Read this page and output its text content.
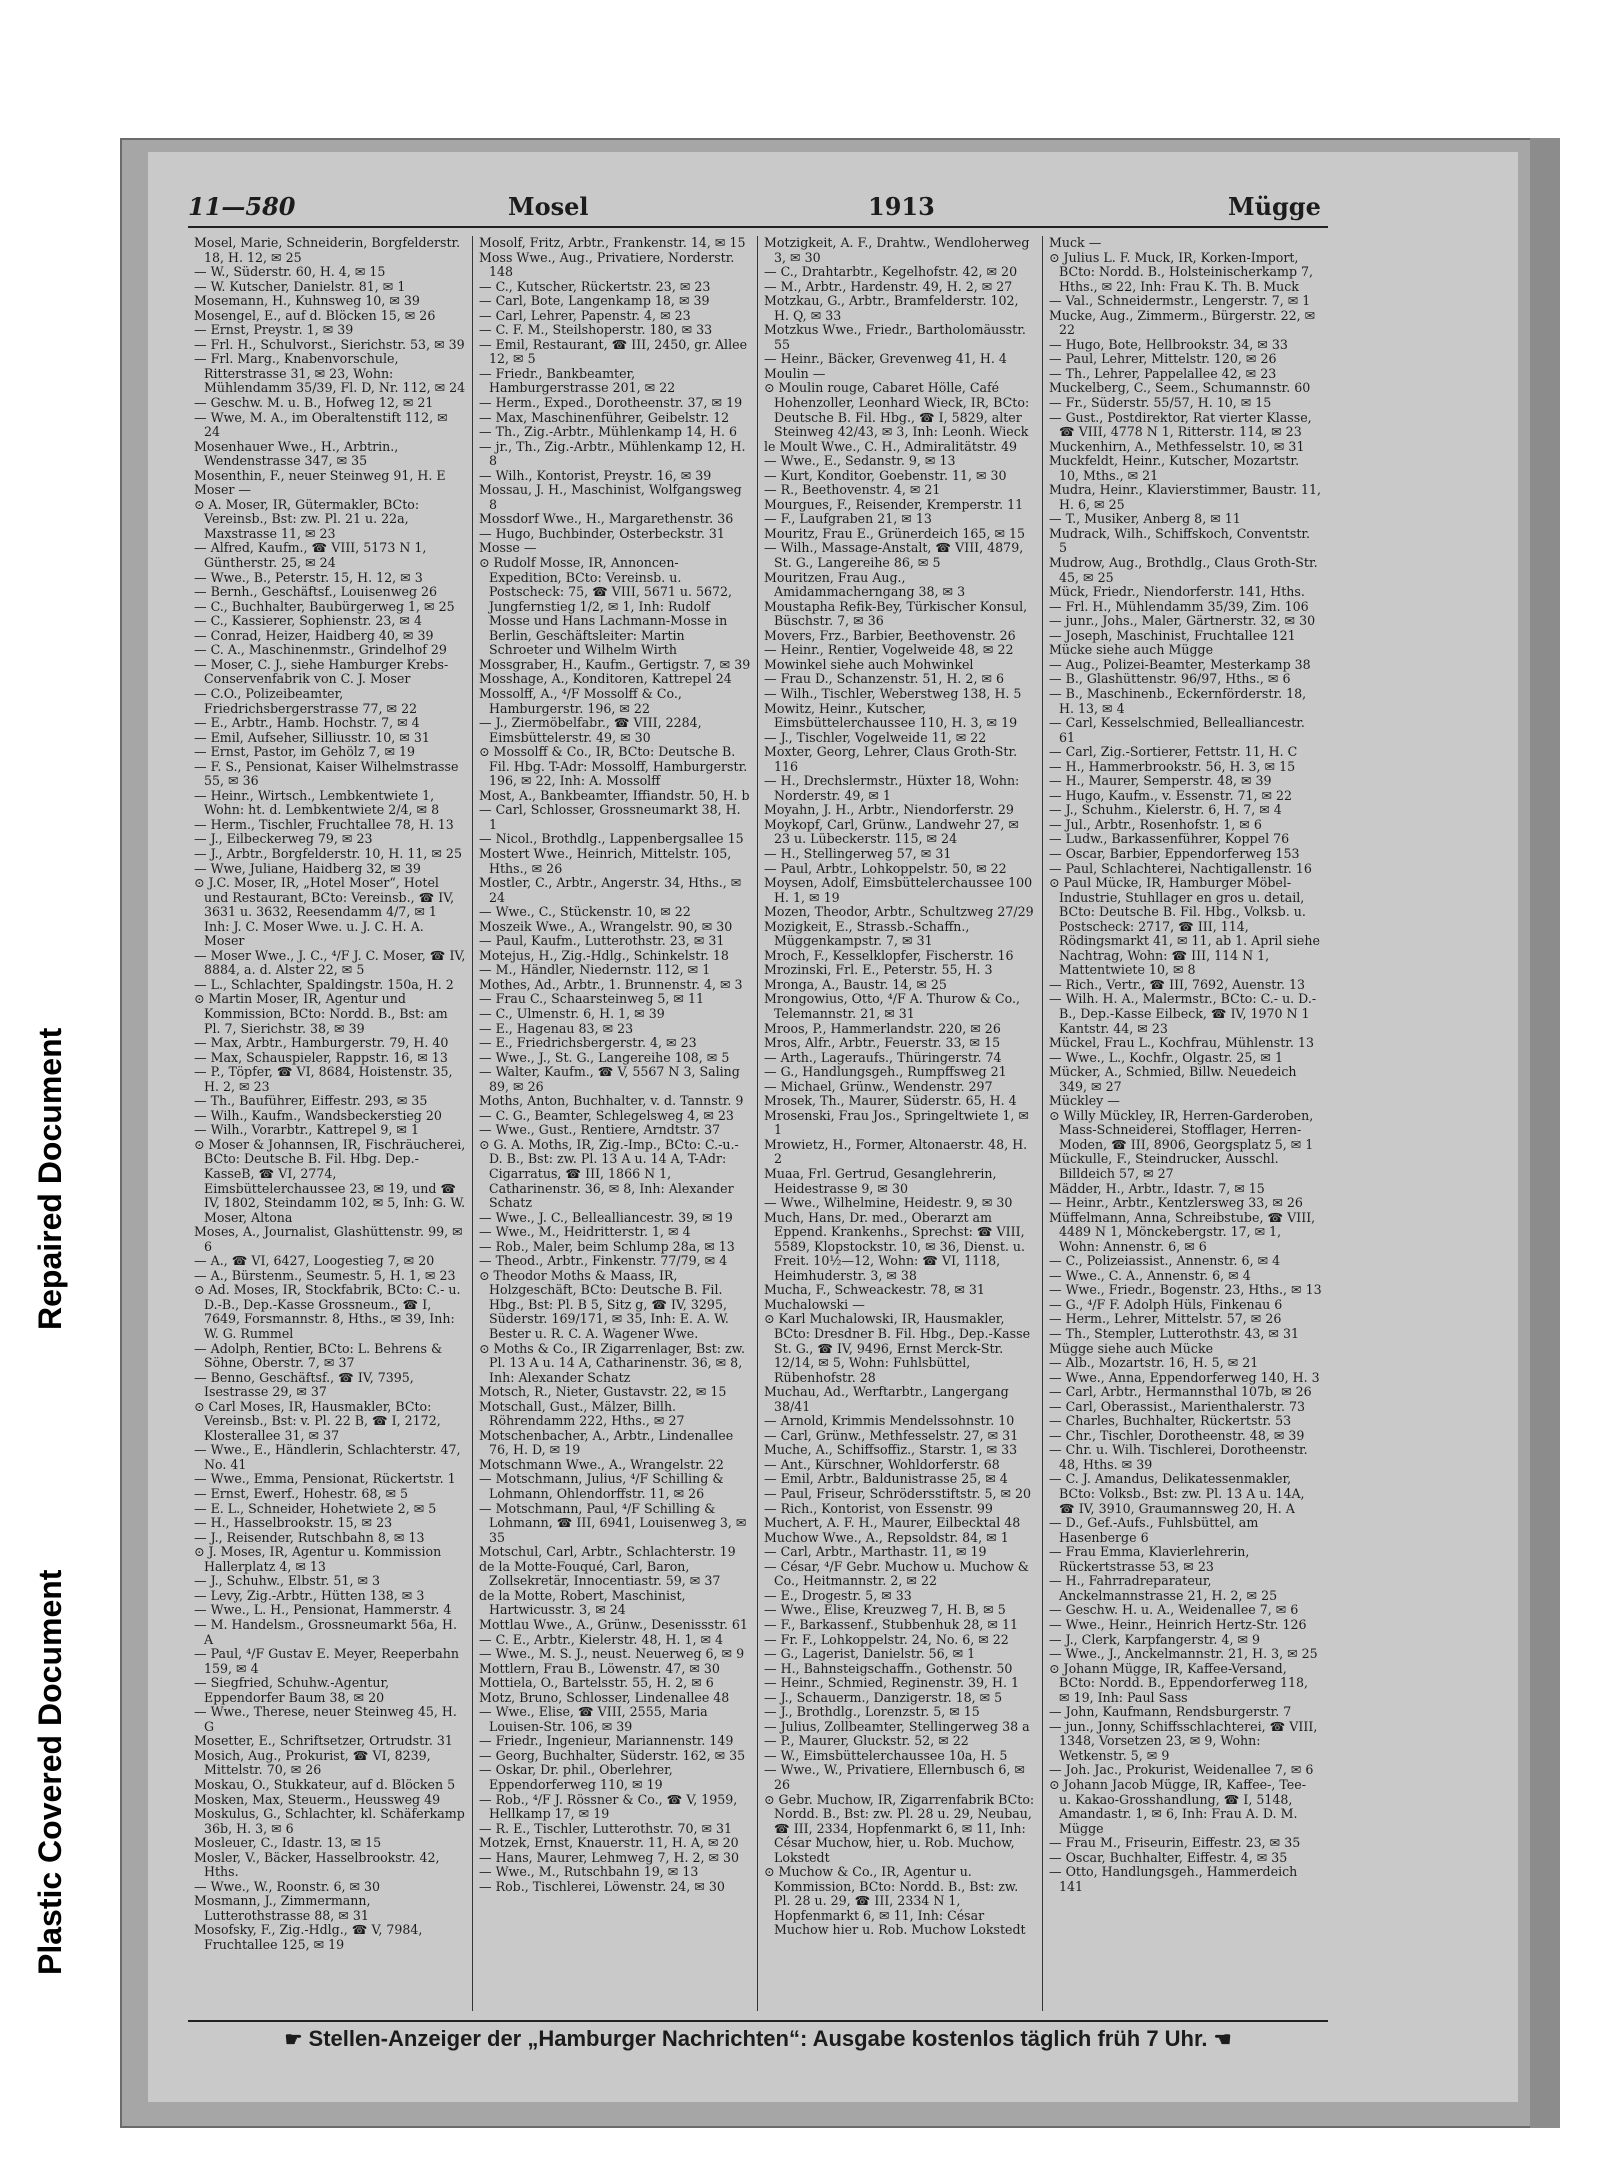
Plastic Covered Document
Repaired Document
11—580	Mosel	1913	Mügge

Mosel, Marie, Schneiderin, Borgfelderstr. 18, H. 12, ✉ 25

— W., Süderstr. 60, H. 4, ✉ 15

— W. Kutscher, Danielstr. 81, ✉ 1

Mosemann, H., Kuhnsweg 10, ✉ 39

Mosengel, E., auf d. Blöcken 15, ✉ 26

— Ernst, Preystr. 1, ✉ 39

— Frl. H., Schulvorst., Sierichstr. 53, ✉ 39

— Frl. Marg., Knabenvorschule, Ritterstrasse 31, ✉ 23, Wohn: Mühlendamm 35/39, Fl. D, Nr. 112, ✉ 24

— Geschw. M. u. B., Hofweg 12, ✉ 21

— Wwe, M. A., im Oberaltenstift 112, ✉ 24

Mosenhauer Wwe., H., Arbtrin., Wendenstrasse 347, ✉ 35

Mosenthin, F., neuer Steinweg 91, H. E

Moser —

⊙ A. Moser, IR, Gütermakler, BCto: Vereinsb., Bst: zw. Pl. 21 u. 22a, Maxstrasse 11, ✉ 23

— Alfred, Kaufm., ☎ VIII, 5173 N 1, Güntherstr. 25, ✉ 24

— Wwe., B., Peterstr. 15, H. 12, ✉ 3

— Bernh., Geschäftsf., Louisenweg 26

— C., Buchhalter, Baubürgerweg 1, ✉ 25

— C., Kassierer, Sophienstr. 23, ✉ 4

— Conrad, Heizer, Haidberg 40, ✉ 39

— C. A., Maschinenmstr., Grindelhof 29

— Moser, C. J., siehe Hamburger Krebs-Conservenfabrik von C. J. Moser

— C.O., Polizeibeamter, Friedrichsbergerstrasse 77, ✉ 22

— E., Arbtr., Hamb. Hochstr. 7, ✉ 4

— Emil, Aufseher, Silliusstr. 10, ✉ 31

— Ernst, Pastor, im Gehölz 7, ✉ 19

— F. S., Pensionat, Kaiser Wilhelmstrasse 55, ✉ 36

— Heinr., Wirtsch., Lembkentwiete 1, Wohn: ht. d. Lembkentwiete 2/4, ✉ 8

— Herm., Tischler, Fruchtallee 78, H. 13

— J., Eilbeckerweg 79, ✉ 23

— J., Arbtr., Borgfelderstr. 10, H. 11, ✉ 25

— Wwe, Juliane, Haidberg 32, ✉ 39

⊙ J.C. Moser, IR, „Hotel Moser“, Hotel und Restaurant, BCto: Vereinsb., ☎ IV, 3631 u. 3632, Reesendamm 4/7, ✉ 1 Inh: J. C. Moser Wwe. u. J. C. H. A. Moser

— Moser Wwe., J. C., ⁴/F J. C. Moser, ☎ IV, 8884, a. d. Alster 22, ✉ 5

— L., Schlachter, Spaldingstr. 150a, H. 2

⊙ Martin Moser, IR, Agentur und Kommission, BCto: Nordd. B., Bst: am Pl. 7, Sierichstr. 38, ✉ 39

— Max, Arbtr., Hamburgerstr. 79, H. 40

— Max, Schauspieler, Rappstr. 16, ✉ 13

— P., Töpfer, ☎ VI, 8684, Hoistenstr. 35, H. 2, ✉ 23

— Th., Bauführer, Eiffestr. 293, ✉ 35

— Wilh., Kaufm., Wandsbeckerstieg 20

— Wilh., Vorarbtr., Kattrepel 9, ✉ 1

⊙ Moser & Johannsen, IR, Fischräucherei, BCto: Deutsche B. Fil. Hbg. Dep.-KasseB, ☎ VI, 2774, Eimsbüttelerchaussee 23, ✉ 19, und ☎ IV, 1802, Steindamm 102, ✉ 5, Inh: G. W. Moser, Altona

Moses, A., Journalist, Glashüttenstr. 99, ✉ 6

— A., ☎ VI, 6427, Loogestieg 7, ✉ 20

— A., Bürstenm., Seumestr. 5, H. 1, ✉ 23

⊙ Ad. Moses, IR, Stockfabrik, BCto: C.- u. D.-B., Dep.-Kasse Grossneum., ☎ I, 7649, Forsmannstr. 8, Hths., ✉ 39, Inh: W. G. Rummel

— Adolph, Rentier, BCto: L. Behrens & Söhne, Oberstr. 7, ✉ 37

— Benno, Geschäftsf., ☎ IV, 7395, Isestrasse 29, ✉ 37

⊙ Carl Moses, IR, Hausmakler, BCto: Vereinsb., Bst: v. Pl. 22 B, ☎ I, 2172, Klosterallee 31, ✉ 37

— Wwe., E., Händlerin, Schlachterstr. 47, No. 41

— Wwe., Emma, Pensionat, Rückertstr. 1

— Ernst, Ewerf., Hohestr. 68, ✉ 5

— E. L., Schneider, Hohetwiete 2, ✉ 5

— H., Hasselbrookstr. 15, ✉ 23

— J., Reisender, Rutschbahn 8, ✉ 13

⊙ J. Moses, IR, Agentur u. Kommission Hallerplatz 4, ✉ 13

— J., Schuhw., Elbstr. 51, ✉ 3

— Levy, Zig.-Arbtr., Hütten 138, ✉ 3

— Wwe., L. H., Pensionat, Hammerstr. 4

— M. Handelsm., Grossneumarkt 56a, H. A

— Paul, ⁴/F Gustav E. Meyer, Reeperbahn 159, ✉ 4

— Siegfried, Schuhw.-Agentur, Eppendorfer Baum 38, ✉ 20

— Wwe., Therese, neuer Steinweg 45, H. G

Mosetter, E., Schriftsetzer, Ortrudstr. 31

Mosich, Aug., Prokurist, ☎ VI, 8239, Mittelstr. 70, ✉ 26

Moskau, O., Stukkateur, auf d. Blöcken 5

Mosken, Max, Steuerm., Heussweg 49

Moskulus, G., Schlachter, kl. Schäferkamp 36b, H. 3, ✉ 6

Mosleuer, C., Idastr. 13, ✉ 15

Mosler, V., Bäcker, Hasselbrookstr. 42, Hths.

— Wwe., W., Roonstr. 6, ✉ 30

Mosmann, J., Zimmermann, Lutterothstrasse 88, ✉ 31

Mosofsky, F., Zig.-Hdlg., ☎ V, 7984, Fruchtallee 125, ✉ 19

Mosolf, Fritz, Arbtr., Frankenstr. 14, ✉ 15

Moss Wwe., Aug., Privatiere, Norderstr. 148

— C., Kutscher, Rückertstr. 23, ✉ 23

— Carl, Bote, Langenkamp 18, ✉ 39

— Carl, Lehrer, Papenstr. 4, ✉ 23

— C. F. M., Steilshoperstr. 180, ✉ 33

— Emil, Restaurant, ☎ III, 2450, gr. Allee 12, ✉ 5

— Friedr., Bankbeamter, Hamburgerstrasse 201, ✉ 22

— Herm., Exped., Dorotheenstr. 37, ✉ 19

— Max, Maschinenführer, Geibelstr. 12

— Th., Zig.-Arbtr., Mühlenkamp 14, H. 6

— jr., Th., Zig.-Arbtr., Mühlenkamp 12, H. 8

— Wilh., Kontorist, Preystr. 16, ✉ 39

Mossau, J. H., Maschinist, Wolfgangsweg 8

Mossdorf Wwe., H., Margarethenstr. 36

— Hugo, Buchbinder, Osterbeckstr. 31

Mosse —

⊙ Rudolf Mosse, IR, Annoncen-Expedition, BCto: Vereinsb. u. Postscheck: 75, ☎ VIII, 5671 u. 5672, Jungfernstieg 1/2, ✉ 1, Inh: Rudolf Mosse und Hans Lachmann-Mosse in Berlin, Geschäftsleiter: Martin Schroeter und Wilhelm Wirth

Mossgraber, H., Kaufm., Gertigstr. 7, ✉ 39

Mosshage, A., Konditoren, Kattrepel 24

Mossolff, A., ⁴/F Mossolff & Co., Hamburgerstr. 196, ✉ 22

— J., Ziermöbelfabr., ☎ VIII, 2284, Eimsbüttelerstr. 49, ✉ 30

⊙ Mossolff & Co., IR, BCto: Deutsche B. Fil. Hbg. T-Adr: Mossolff, Hamburgerstr. 196, ✉ 22, Inh: A. Mossolff

Most, A., Bankbeamter, Iffiandstr. 50, H. b

— Carl, Schlosser, Grossneumarkt 38, H. 1

— Nicol., Brothdlg., Lappenbergsallee 15

Mostert Wwe., Heinrich, Mittelstr. 105, Hths., ✉ 26

Mostler, C., Arbtr., Angerstr. 34, Hths., ✉ 24

— Wwe., C., Stückenstr. 10, ✉ 22

Moszeik Wwe., A., Wrangelstr. 90, ✉ 30

— Paul, Kaufm., Lutterothstr. 23, ✉ 31

Motejus, H., Zig.-Hdlg., Schinkelstr. 18

— M., Händler, Niedernstr. 112, ✉ 1

Mothes, Ad., Arbtr., 1. Brunnenstr. 4, ✉ 3

— Frau C., Schaarsteinweg 5, ✉ 11

— C., Ulmenstr. 6, H. 1, ✉ 39

— E., Hagenau 83, ✉ 23

— E., Friedrichsbergerstr. 4, ✉ 23

— Wwe., J., St. G., Langereihe 108, ✉ 5

— Walter, Kaufm., ☎ V, 5567 N 3, Saling 89, ✉ 26

Moths, Anton, Buchhalter, v. d. Tannstr. 9

— C. G., Beamter, Schlegelsweg 4, ✉ 23

— Wwe., Gust., Rentiere, Arndtstr. 37

⊙ G. A. Moths, IR, Zig.-Imp., BCto: C.-u.-D. B., Bst: zw. Pl. 13 A u. 14 A, T-Adr: Cigarratus, ☎ III, 1866 N 1, Catharinenstr. 36, ✉ 8, Inh: Alexander Schatz

— Wwe., J. C., Bellealliancestr. 39, ✉ 19

— Wwe., M., Heidritterstr. 1, ✉ 4

— Rob., Maler, beim Schlump 28a, ✉ 13

— Theod., Arbtr., Finkenstr. 77/79, ✉ 4

⊙ Theodor Moths & Maass, IR, Holzgeschäft, BCto: Deutsche B. Fil. Hbg., Bst: Pl. B 5, Sitz g, ☎ IV, 3295, Süderstr. 169/171, ✉ 35, Inh: E. A. W. Bester u. R. C. A. Wagener Wwe.

⊙ Moths & Co., IR Zigarrenlager, Bst: zw. Pl. 13 A u. 14 A, Catharinenstr. 36, ✉ 8, Inh: Alexander Schatz

Motsch, R., Nieter, Gustavstr. 22, ✉ 15

Motschall, Gust., Mälzer, Billh. Röhrendamm 222, Hths., ✉ 27

Motschenbacher, A., Arbtr., Lindenallee 76, H. D, ✉ 19

Motschmann Wwe., A., Wrangelstr. 22

— Motschmann, Julius, ⁴/F Schilling & Lohmann, Ohlendorffstr. 11, ✉ 26

— Motschmann, Paul, ⁴/F Schilling & Lohmann, ☎ III, 6941, Louisenweg 3, ✉ 35

Motschul, Carl, Arbtr., Schlachterstr. 19

de la Motte-Fouqué, Carl, Baron, Zollsekretär, Innocentiastr. 59, ✉ 37

de la Motte, Robert, Maschinist, Hartwicusstr. 3, ✉ 24

Mottlau Wwe., A., Grünw., Desenissstr. 61

— C. E., Arbtr., Kielerstr. 48, H. 1, ✉ 4

— Wwe., M. S. J., neust. Neuerweg 6, ✉ 9

Mottlern, Frau B., Löwenstr. 47, ✉ 30

Mottiela, O., Bartelsstr. 55, H. 2, ✉ 6

Motz, Bruno, Schlosser, Lindenallee 48

— Wwe., Elise, ☎ VIII, 2555, Maria Louisen-Str. 106, ✉ 39

— Friedr., Ingenieur, Mariannenstr. 149

— Georg, Buchhalter, Süderstr. 162, ✉ 35

— Oskar, Dr. phil., Oberlehrer, Eppendorferweg 110, ✉ 19

— Rob., ⁴/F J. Rössner & Co., ☎ V, 1959, Hellkamp 17, ✉ 19

— R. E., Tischler, Lutterothstr. 70, ✉ 31

Motzek, Ernst, Knauerstr. 11, H. A, ✉ 20

— Hans, Maurer, Lehmweg 7, H. 2, ✉ 30

— Wwe., M., Rutschbahn 19, ✉ 13

— Rob., Tischlerei, Löwenstr. 24, ✉ 30

Motzigkeit, A. F., Drahtw., Wendloherweg 3, ✉ 30

— C., Drahtarbtr., Kegelhofstr. 42, ✉ 20

— M., Arbtr., Hardenstr. 49, H. 2, ✉ 27

Motzkau, G., Arbtr., Bramfelderstr. 102, H. Q, ✉ 33

Motzkus Wwe., Friedr., Bartholomäusstr. 55

— Heinr., Bäcker, Grevenweg 41, H. 4

Moulin —

⊙ Moulin rouge, Cabaret Hölle, Café Hohenzoller, Leonhard Wieck, IR, BCto: Deutsche B. Fil. Hbg., ☎ I, 5829, alter Steinweg 42/43, ✉ 3, Inh: Leonh. Wieck

le Moult Wwe., C. H., Admiralitätstr. 49

— Wwe., E., Sedanstr. 9, ✉ 13

— Kurt, Konditor, Goebenstr. 11, ✉ 30

— R., Beethovenstr. 4, ✉ 21

Mourgues, F., Reisender, Kremperstr. 11

— F., Laufgraben 21, ✉ 13

Mouritz, Frau E., Grünerdeich 165, ✉ 15

— Wilh., Massage-Anstalt, ☎ VIII, 4879, St. G., Langereihe 86, ✉ 5

Mouritzen, Frau Aug., Amidammacherngang 38, ✉ 3

Moustapha Refik-Bey, Türkischer Konsul, Büschstr. 7, ✉ 36

Movers, Frz., Barbier, Beethovenstr. 26

— Heinr., Rentier, Vogelweide 48, ✉ 22

Mowinkel siehe auch Mohwinkel

— Frau D., Schanzenstr. 51, H. 2, ✉ 6

— Wilh., Tischler, Weberstweg 138, H. 5

Mowitz, Heinr., Kutscher, Eimsbüttelerchaussee 110, H. 3, ✉ 19

— J., Tischler, Vogelweide 11, ✉ 22

Moxter, Georg, Lehrer, Claus Groth-Str. 116

— H., Drechslermstr., Hüxter 18, Wohn: Norderstr. 49, ✉ 1

Moyahn, J. H., Arbtr., Niendorferstr. 29

Moykopf, Carl, Grünw., Landwehr 27, ✉ 23 u. Lübeckerstr. 115, ✉ 24

— H., Stellingerweg 57, ✉ 31

— Paul, Arbtr., Lohkoppelstr. 50, ✉ 22

Moysen, Adolf, Eimsbüttelerchaussee 100 H. 1, ✉ 19

Mozen, Theodor, Arbtr., Schultzweg 27/29

Mozigkeit, E., Strassb.-Schaffn., Müggenkampstr. 7, ✉ 31

Mroch, F., Kesselklopfer, Fischerstr. 16

Mrozinski, Frl. E., Peterstr. 55, H. 3

Mronga, A., Baustr. 14, ✉ 25

Mrongowius, Otto, ⁴/F A. Thurow & Co., Telemannstr. 21, ✉ 31

Mroos, P., Hammerlandstr. 220, ✉ 26

Mros, Alfr., Arbtr., Feuerstr. 33, ✉ 15

— Arth., Lageraufs., Thüringerstr. 74

— G., Handlungsgeh., Rumpffsweg 21

— Michael, Grünw., Wendenstr. 297

Mrosek, Th., Maurer, Süderstr. 65, H. 4

Mrosenski, Frau Jos., Springeltwiete 1, ✉ 1

Mrowietz, H., Former, Altonaerstr. 48, H. 2

Muaa, Frl. Gertrud, Gesanglehrerin, Heidestrasse 9, ✉ 30

— Wwe., Wilhelmine, Heidestr. 9, ✉ 30

Much, Hans, Dr. med., Oberarzt am Eppend. Krankenhs., Sprechst: ☎ VIII, 5589, Klopstockstr. 10, ✉ 36, Dienst. u. Freit. 10½—12, Wohn: ☎ VI, 1118, Heimhuderstr. 3, ✉ 38

Mucha, F., Schweackestr. 78, ✉ 31

Muchalowski —

⊙ Karl Muchalowski, IR, Hausmakler, BCto: Dresdner B. Fil. Hbg., Dep.-Kasse St. G., ☎ IV, 9496, Ernst Merck-Str. 12/14, ✉ 5, Wohn: Fuhlsbüttel, Rübenhofstr. 28

Muchau, Ad., Werftarbtr., Langergang 38/41

— Arnold, Krimmis Mendelssohnstr. 10

— Carl, Grünw., Methfesselstr. 27, ✉ 31

Muche, A., Schiffsoffiz., Starstr. 1, ✉ 33

— Ant., Kürschner, Wohldorferstr. 68

— Emil, Arbtr., Baldunistrasse 25, ✉ 4

— Paul, Friseur, Schrödersstiftstr. 5, ✉ 20

— Rich., Kontorist, von Essenstr. 99

Muchert, A. F. H., Maurer, Eilbecktal 48

Muchow Wwe., A., Repsoldstr. 84, ✉ 1

— Carl, Arbtr., Marthastr. 11, ✉ 19

— César, ⁴/F Gebr. Muchow u. Muchow & Co., Heitmannstr. 2, ✉ 22

— E., Drogestr. 5, ✉ 33

— Wwe., Elise, Kreuzweg 7, H. B, ✉ 5

— F., Barkassenf., Stubbenhuk 28, ✉ 11

— Fr. F., Lohkoppelstr. 24, No. 6, ✉ 22

— G., Lagerist, Danielstr. 56, ✉ 1

— H., Bahnsteigschaffn., Gothenstr. 50

— Heinr., Schmied, Reginenstr. 39, H. 1

— J., Schauerm., Danzigerstr. 18, ✉ 5

— J., Brothdlg., Lorenzstr. 5, ✉ 15

— Julius, Zollbeamter, Stellingerweg 38 a

— P., Maurer, Gluckstr. 52, ✉ 22

— W., Eimsbüttelerchaussee 10a, H. 5

— Wwe., W., Privatiere, Ellernbusch 6, ✉ 26

⊙ Gebr. Muchow, IR, Zigarrenfabrik BCto: Nordd. B., Bst: zw. Pl. 28 u. 29, Neubau, ☎ III, 2334, Hopfenmarkt 6, ✉ 11, Inh: César Muchow, hier, u. Rob. Muchow, Lokstedt

⊙ Muchow & Co., IR, Agentur u. Kommission, BCto: Nordd. B., Bst: zw. Pl. 28 u. 29, ☎ III, 2334 N 1, Hopfenmarkt 6, ✉ 11, Inh: César Muchow hier u. Rob. Muchow Lokstedt

Muck —

⊙ Julius L. F. Muck, IR, Korken-Import, BCto: Nordd. B., Holsteinischerkamp 7, Hths., ✉ 22, Inh: Frau K. Th. B. Muck

— Val., Schneidermstr., Lengerstr. 7, ✉ 1

Mucke, Aug., Zimmerm., Bürgerstr. 22, ✉ 22

— Hugo, Bote, Hellbrookstr. 34, ✉ 33

— Paul, Lehrer, Mittelstr. 120, ✉ 26

— Th., Lehrer, Pappelallee 42, ✉ 23

Muckelberg, C., Seem., Schumannstr. 60

— Fr., Süderstr. 55/57, H. 10, ✉ 15

— Gust., Postdirektor, Rat vierter Klasse, ☎ VIII, 4778 N 1, Ritterstr. 114, ✉ 23

Muckenhirn, A., Methfesselstr. 10, ✉ 31

Muckfeldt, Heinr., Kutscher, Mozartstr. 10, Mths., ✉ 21

Mudra, Heinr., Klavierstimmer, Baustr. 11, H. 6, ✉ 25

— T., Musiker, Anberg 8, ✉ 11

Mudrack, Wilh., Schiffskoch, Conventstr. 5

Mudrow, Aug., Brothdlg., Claus Groth-Str. 45, ✉ 25

Mück, Friedr., Niendorferstr. 141, Hths.

— Frl. H., Mühlendamm 35/39, Zim. 106

— junr., Johs., Maler, Gärtnerstr. 32, ✉ 30

— Joseph, Maschinist, Fruchtallee 121

Mücke siehe auch Mügge

— Aug., Polizei-Beamter, Mesterkamp 38

— B., Glashüttenstr. 96/97, Hths., ✉ 6

— B., Maschinenb., Eckernförderstr. 18, H. 13, ✉ 4

— Carl, Kesselschmied, Bellealliancestr. 61

— Carl, Zig.-Sortierer, Fettstr. 11, H. C

— H., Hammerbrookstr. 56, H. 3, ✉ 15

— H., Maurer, Semperstr. 48, ✉ 39

— Hugo, Kaufm., v. Essenstr. 71, ✉ 22

— J., Schuhm., Kielerstr. 6, H. 7, ✉ 4

— Jul., Arbtr., Rosenhofstr. 1, ✉ 6

— Ludw., Barkassenführer, Koppel 76

— Oscar, Barbier, Eppendorferweg 153

— Paul, Schlachterei, Nachtigallenstr. 16

⊙ Paul Mücke, IR, Hamburger Möbel-Industrie, Stuhllager en gros u. detail, BCto: Deutsche B. Fil. Hbg., Volksb. u. Postscheck: 2717, ☎ III, 114, Rödingsmarkt 41, ✉ 11, ab 1. April siehe Nachtrag, Wohn: ☎ III, 114 N 1, Mattentwiete 10, ✉ 8

— Rich., Vertr., ☎ III, 7692, Auenstr. 13

— Wilh. H. A., Malermstr., BCto: C.- u. D.-B., Dep.-Kasse Eilbeck, ☎ IV, 1970 N 1 Kantstr. 44, ✉ 23

Mückel, Frau L., Kochfrau, Mühlenstr. 13

— Wwe., L., Kochfr., Olgastr. 25, ✉ 1

Mücker, A., Schmied, Billw. Neuedeich 349, ✉ 27

Mückley —

⊙ Willy Mückley, IR, Herren-Garderoben, Mass-Schneiderei, Stofflager, Herren-Moden, ☎ III, 8906, Georgsplatz 5, ✉ 1

Mückulle, F., Steindrucker, Ausschl. Billdeich 57, ✉ 27

Mädder, H., Arbtr., Idastr. 7, ✉ 15

— Heinr., Arbtr., Kentzlersweg 33, ✉ 26

Müffelmann, Anna, Schreibstube, ☎ VIII, 4489 N 1, Mönckebergstr. 17, ✉ 1, Wohn: Annenstr. 6, ✉ 6

— C., Polizeiassist., Annenstr. 6, ✉ 4

— Wwe., C. A., Annenstr. 6, ✉ 4

— Wwe., Friedr., Bogenstr. 23, Hths., ✉ 13

— G., ⁴/F F. Adolph Hüls, Finkenau 6

— Herm., Lehrer, Mittelstr. 57, ✉ 26

— Th., Stempler, Lutterothstr. 43, ✉ 31

Mügge siehe auch Mücke

— Alb., Mozartstr. 16, H. 5, ✉ 21

— Wwe., Anna, Eppendorferweg 140, H. 3

— Carl, Arbtr., Hermannsthal 107b, ✉ 26

— Carl, Oberassist., Marienthalerstr. 73

— Charles, Buchhalter, Rückertstr. 53

— Chr., Tischler, Dorotheenstr. 48, ✉ 39

— Chr. u. Wilh. Tischlerei, Dorotheenstr. 48, Hths. ✉ 39

— C. J. Amandus, Delikatessenmakler, BCto: Volksb., Bst: zw. Pl. 13 A u. 14A, ☎ IV, 3910, Graumannsweg 20, H. A

— D., Gef.-Aufs., Fuhlsbüttel, am Hasenberge 6

— Frau Emma, Klavierlehrerin, Rückertstrasse 53, ✉ 23

— H., Fahrradreparateur, Anckelmannstrasse 21, H. 2, ✉ 25

— Geschw. H. u. A., Weidenallee 7, ✉ 6

— Wwe., Heinr., Heinrich Hertz-Str. 126

— J., Clerk, Karpfangerstr. 4, ✉ 9

— Wwe., J., Anckelmannstr. 21, H. 3, ✉ 25

⊙ Johann Mügge, IR, Kaffee-Versand, BCto: Nordd. B., Eppendorferweg 118, ✉ 19, Inh: Paul Sass

— John, Kaufmann, Rendsburgerstr. 7

— jun., Jonny, Schiffsschlachterei, ☎ VIII, 1348, Vorsetzen 23, ✉ 9, Wohn: Wetkenstr. 5, ✉ 9

— Joh. Jac., Prokurist, Weidenallee 7, ✉ 6

⊙ Johann Jacob Mügge, IR, Kaffee-, Tee- u. Kakao-Grosshandlung, ☎ I, 5148, Amandastr. 1, ✉ 6, Inh: Frau A. D. M. Mügge

— Frau M., Friseurin, Eiffestr. 23, ✉ 35

— Oscar, Buchhalter, Eiffestr. 4, ✉ 35

— Otto, Handlungsgeh., Hammerdeich 141

☛ Stellen-Anzeiger der „Hamburger Nachrichten“: Ausgabe kostenlos täglich früh 7 Uhr. ☚
